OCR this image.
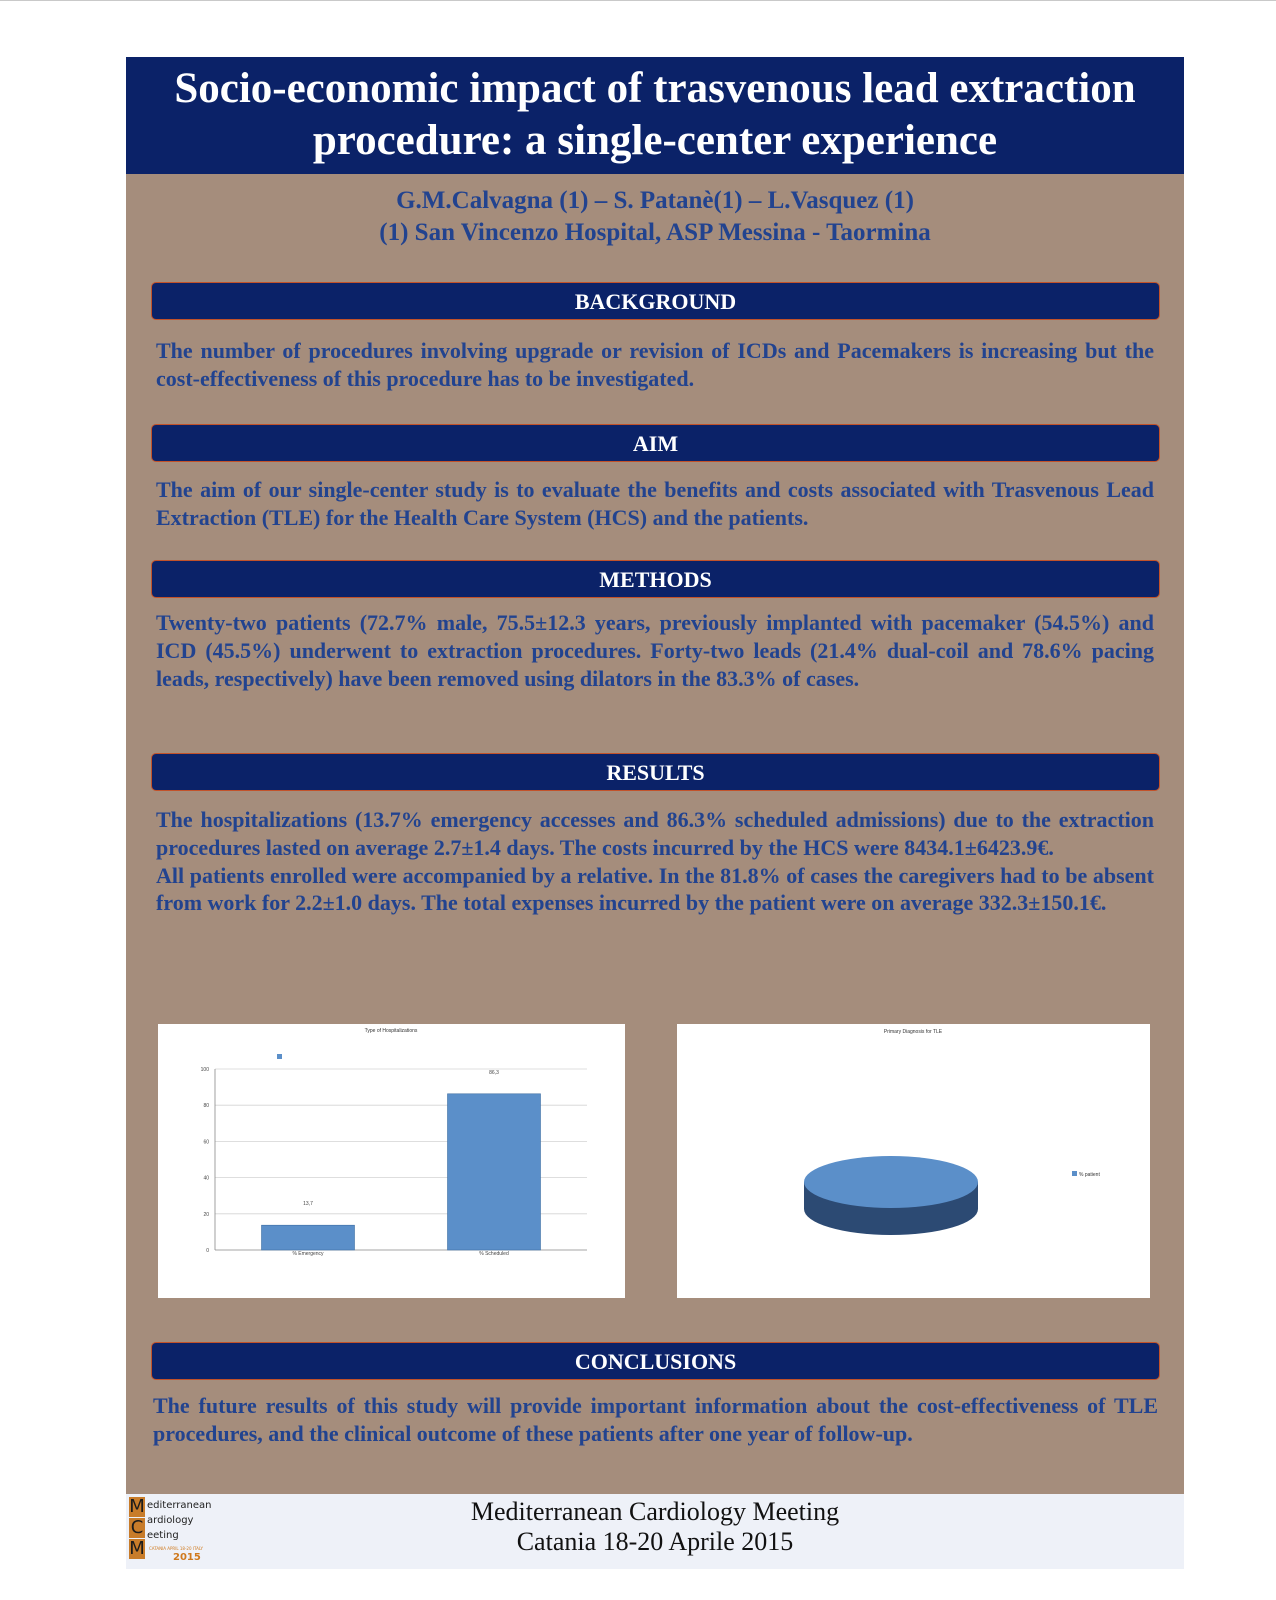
Socio-economic impact of trasvenous lead extraction
procedure: a single-center experience
G.M.Calvagna (1) – S. Patanè(1) – L.Vasquez (1)
(1) San Vincenzo Hospital, ASP Messina - Taormina
BACKGROUND
The number of procedures involving upgrade or revision of ICDs and Pacemakers is increasing but the cost-effectiveness of this procedure has to be investigated.
AIM
The aim of our single-center study is to evaluate the benefits and costs associated with Trasvenous Lead Extraction (TLE) for the Health Care System (HCS) and the patients.
METHODS
Twenty-two patients (72.7% male, 75.5±12.3 years, previously implanted with pacemaker (54.5%) and ICD (45.5%) underwent to extraction procedures. Forty-two leads (21.4% dual-coil and 78.6% pacing leads, respectively) have been removed using dilators in the 83.3% of cases.
RESULTS

The hospitalizations (13.7% emergency accesses and 86.3% scheduled admissions) due to the extraction procedures lasted on average 2.7±1.4 days. The costs incurred by the HCS were 8434.1±6423.9€.

All patients enrolled were accompanied by a relative. In the 81.8% of cases the caregivers had to be absent from work for 2.2±1.0 days. The total expenses incurred by the patient were on average 332.3±150.1€.

Type of Hospitalizations
0
20
40
60
80
100
13,7
% Emergency
86,3
% Scheduled
Primary Diagnosis for TLE
% patient
CONCLUSIONS
The future results of this study will provide important information about the cost-effectiveness of TLE procedures, and the clinical outcome of these patients after one year of follow-up.
Mediterranean Cardiology Meeting
Catania 18-20 Aprile 2015
M
C
M
editerranean
ardiology
eeting
CATANIA APRIL 18-20 ITALY
2015
